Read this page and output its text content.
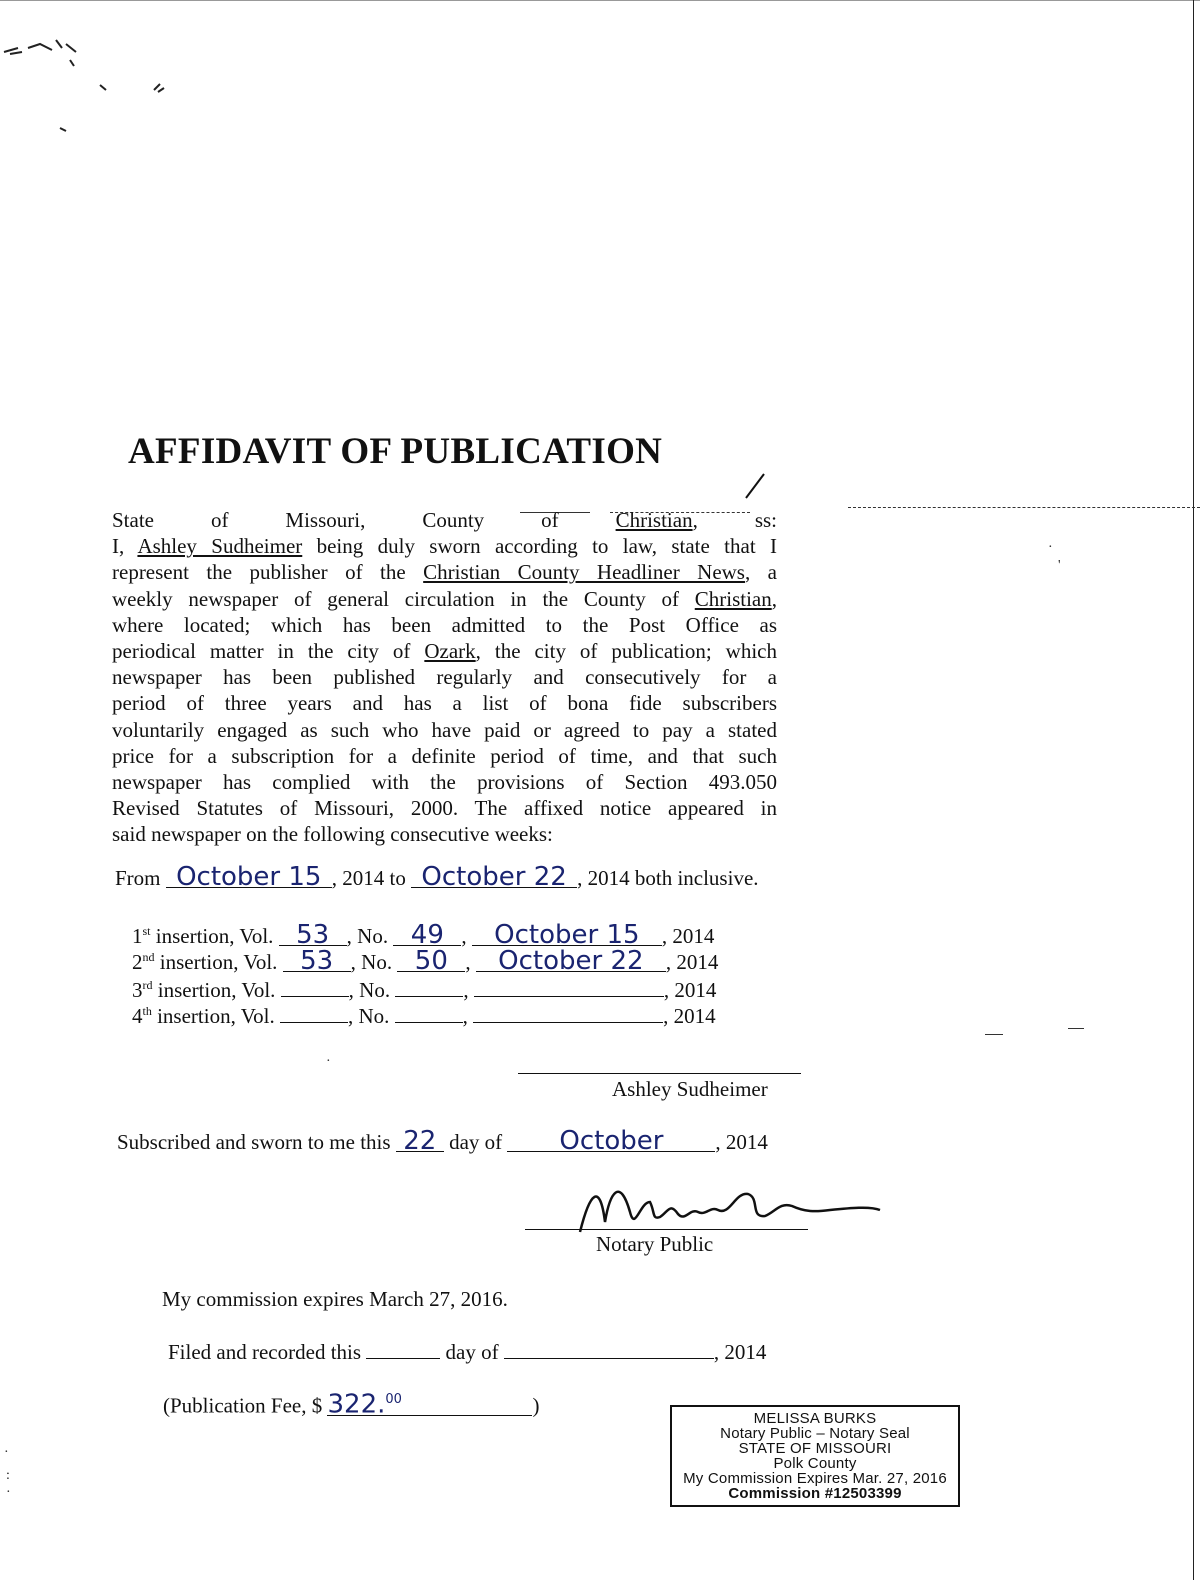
·
'
·
:
·
·
AFFIDAVIT OF PUBLICATION
State of Missouri, County of Christian, ss:
I, Ashley Sudheimer being duly sworn according to law, state that I
represent the publisher of the Christian County Headliner News, a
weekly newspaper of general circulation in the County of Christian,
where located; which has been admitted to the Post Office as
periodical matter in the city of Ozark, the city of publication; which
newspaper has been published regularly and consecutively for a
period of three years and has a list of bona fide subscribers
voluntarily engaged as such who have paid or agreed to pay a stated
price for a subscription for a definite period of time, and that such
newspaper has complied with the provisions of Section 493.050
Revised Statutes of Missouri, 2000. The affixed notice appeared in
said newspaper on the following consecutive weeks:
From October 15 , 2014 to October 22 , 2014 both inclusive.
1st insertion, Vol. 53 , No. 49 , October 15 , 2014
2nd insertion, Vol. 53 , No. 50 , October 22 , 2014
3rd insertion, Vol.	, No.	,	, 2014
4th insertion, Vol.	, No.	,	, 2014
Ashley Sudheimer
Subscribed and sworn to me this 22 day of October , 2014
Notary Public
My commission expires March 27, 2016.
Filed and recorded this	day of	, 2014
(Publication Fee, $ 322.00	)
MELISSA BURKS
Notary Public – Notary Seal
STATE OF MISSOURI
Polk County
My Commission Expires Mar. 27, 2016
Commission #12503399
